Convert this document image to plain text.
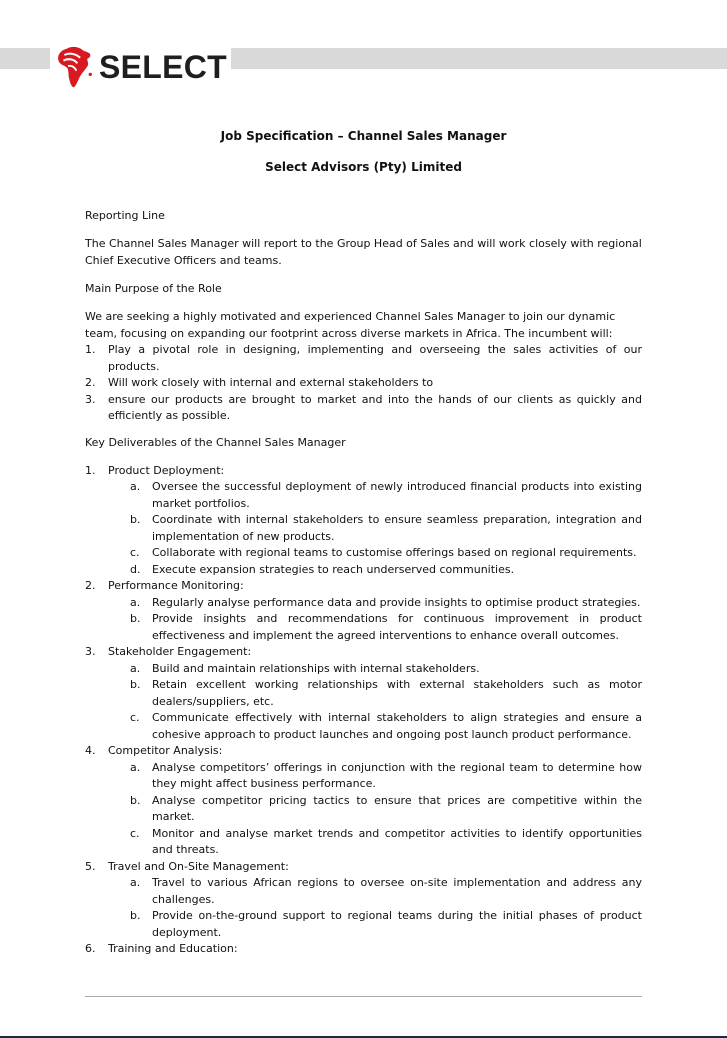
SELECT
Job Specification – Channel Sales Manager
Select Advisors (Pty) Limited
Reporting Line
The Channel Sales Manager will report to the Group Head of Sales and will work closely with regional Chief Executive Officers and teams.
Main Purpose of the Role
We are seeking a highly motivated and experienced Channel Sales Manager to join our dynamic team, focusing on expanding our footprint across diverse markets in Africa. The incumbent will:
1. Play a pivotal role in designing, implementing and overseeing the sales activities of our products.
2. Will work closely with internal and external stakeholders to
3. ensure our products are brought to market and into the hands of our clients as quickly and efficiently as possible.
Key Deliverables of the Channel Sales Manager
1. Product Deployment:
a. Oversee the successful deployment of newly introduced financial products into existing market portfolios.
b. Coordinate with internal stakeholders to ensure seamless preparation, integration and implementation of new products.
c. Collaborate with regional teams to customise offerings based on regional requirements.
d. Execute expansion strategies to reach underserved communities.
2. Performance Monitoring:
a. Regularly analyse performance data and provide insights to optimise product strategies.
b. Provide insights and recommendations for continuous improvement in product effectiveness and implement the agreed interventions to enhance overall outcomes.
3. Stakeholder Engagement:
a. Build and maintain relationships with internal stakeholders.
b. Retain excellent working relationships with external stakeholders such as motor dealers/suppliers, etc.
c. Communicate effectively with internal stakeholders to align strategies and ensure a cohesive approach to product launches and ongoing post launch product performance.
4. Competitor Analysis:
a. Analyse competitors’ offerings in conjunction with the regional team to determine how they might affect business performance.
b. Analyse competitor pricing tactics to ensure that prices are competitive within the market.
c. Monitor and analyse market trends and competitor activities to identify opportunities and threats.
5. Travel and On-Site Management:
a. Travel to various African regions to oversee on-site implementation and address any challenges.
b. Provide on-the-ground support to regional teams during the initial phases of product deployment.
6. Training and Education:
